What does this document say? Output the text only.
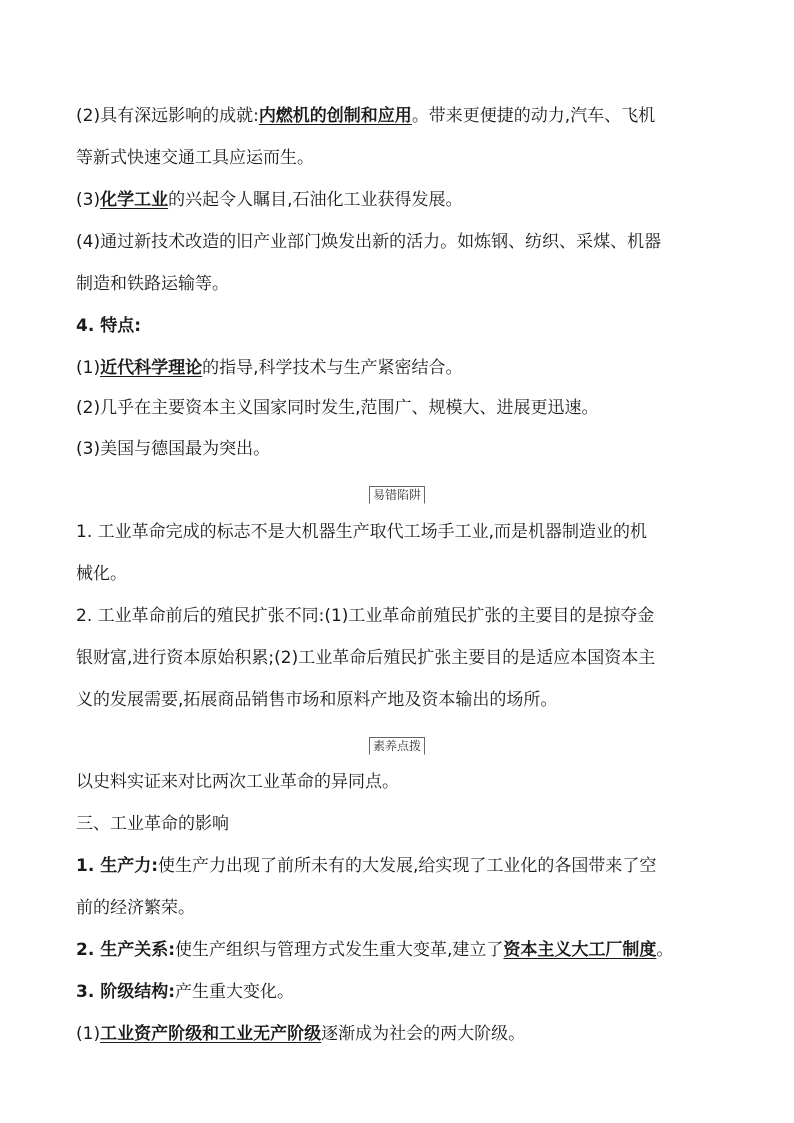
(2)具有深远影响的成就:内燃机的创制和应用。带来更便捷的动力,汽车、飞机
等新式快速交通工具应运而生。
(3)化学工业的兴起令人瞩目,石油化工业获得发展。
(4)通过新技术改造的旧产业部门焕发出新的活力。如炼钢、纺织、采煤、机器
制造和铁路运输等。
4. 特点:
(1)近代科学理论的指导,科学技术与生产紧密结合。
(2)几乎在主要资本主义国家同时发生,范围广、规模大、进展更迅速。
(3)美国与德国最为突出。
易错陷阱
1. 工业革命完成的标志不是大机器生产取代工场手工业,而是机器制造业的机
械化。
2. 工业革命前后的殖民扩张不同:(1)工业革命前殖民扩张的主要目的是掠夺金
银财富,进行资本原始积累;(2)工业革命后殖民扩张主要目的是适应本国资本主
义的发展需要,拓展商品销售市场和原料产地及资本输出的场所。
素养点拨
以史料实证来对比两次工业革命的异同点。
三、工业革命的影响
1. 生产力:使生产力出现了前所未有的大发展,给实现了工业化的各国带来了空
前的经济繁荣。
2. 生产关系:使生产组织与管理方式发生重大变革,建立了资本主义大工厂制度。
3. 阶级结构:产生重大变化。
(1)工业资产阶级和工业无产阶级逐渐成为社会的两大阶级。
